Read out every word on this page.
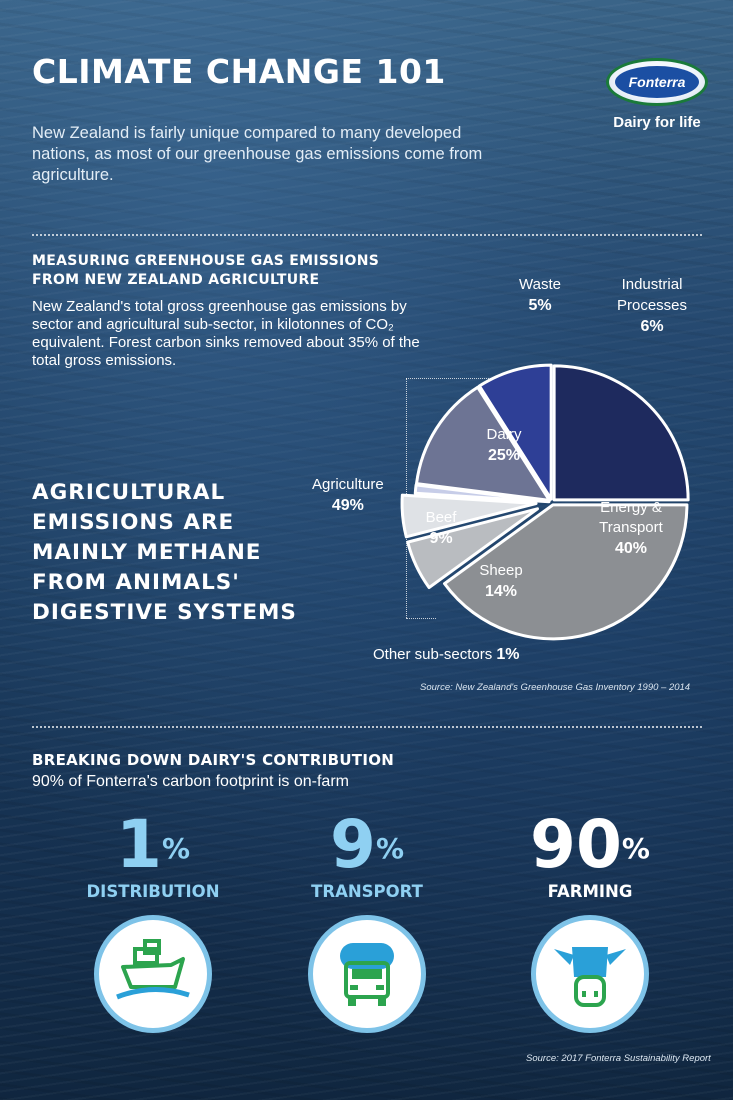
CLIMATE CHANGE 101
New Zealand is fairly unique compared to many developed nations, as most of our greenhouse gas emissions come from agriculture.
Fonterra
Dairy for life
MEASURING GREENHOUSE GAS EMISSIONS
FROM NEW ZEALAND AGRICULTURE
New Zealand's total gross greenhouse gas emissions by sector and agricultural sub-sector, in kilotonnes of CO₂ equivalent. Forest carbon sinks removed about 35% of the total gross emissions.
AGRICULTURAL
EMISSIONS ARE
MAINLY METHANE
FROM ANIMALS'
DIGESTIVE SYSTEMS
Agriculture
49%
Dairy
25%
Beef
9%
Sheep
14%
Energy & Transport
40%
Waste
5%
Industrial Processes
6%
Other sub-sectors 1%
Source: New Zealand's Greenhouse Gas Inventory 1990 – 2014
BREAKING DOWN DAIRY'S CONTRIBUTION
90% of Fonterra's carbon footprint is on-farm
1%
DISTRIBUTION
9%
TRANSPORT
90%
FARMING
Source: 2017 Fonterra Sustainability Report
